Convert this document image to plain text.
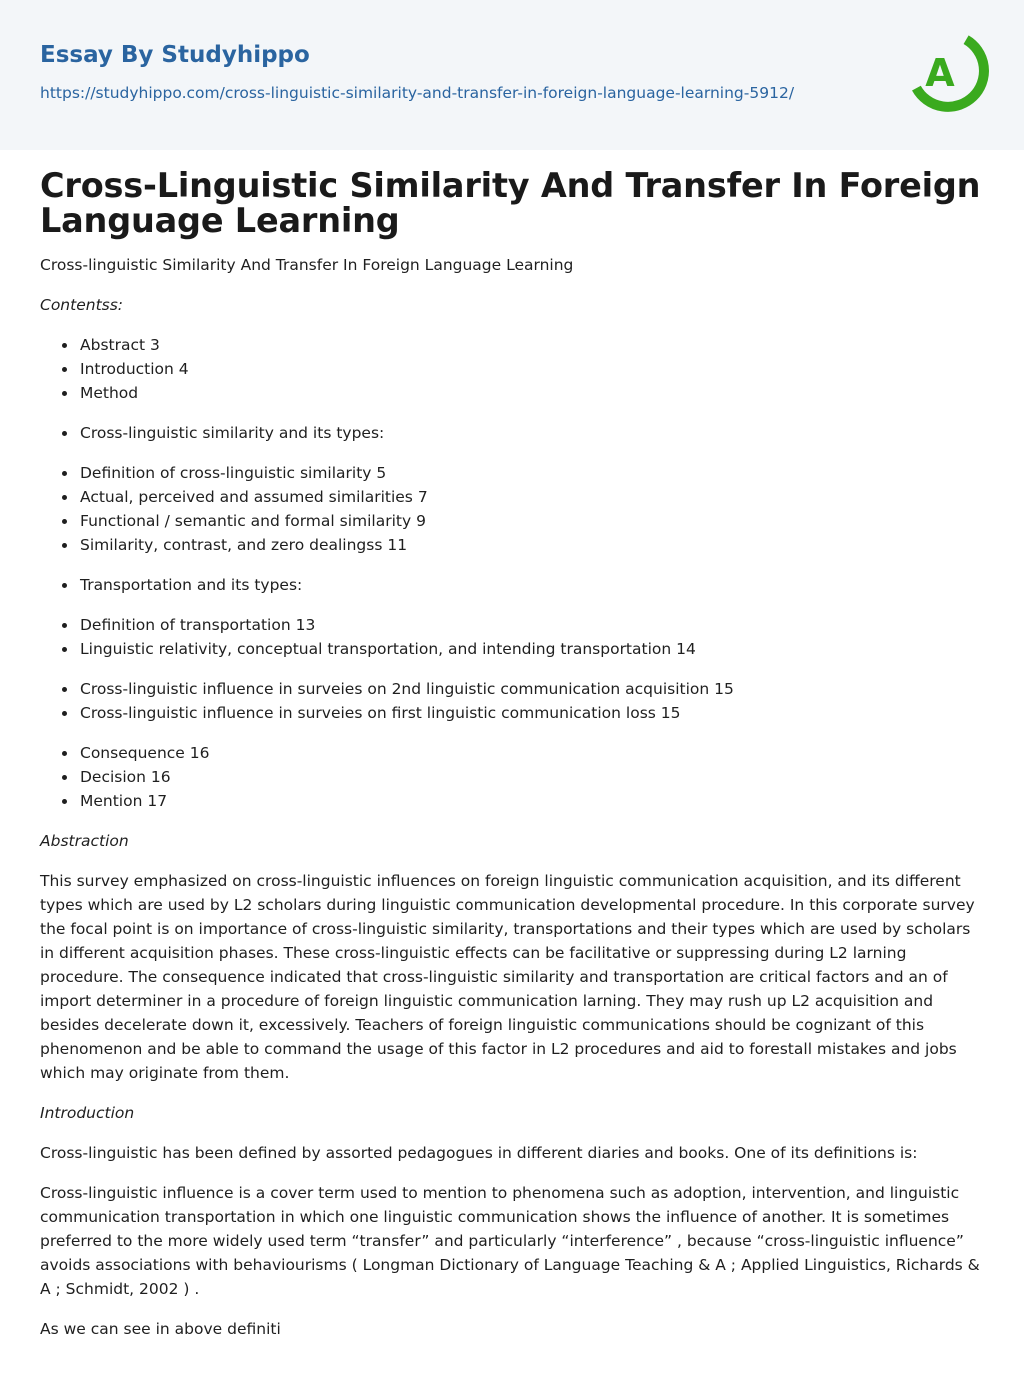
Essay By Studyhippo
https://studyhippo.com/cross-linguistic-similarity-and-transfer-in-foreign-language-learning-5912/	A
Cross-Linguistic Similarity And Transfer In Foreign Language Learning

Cross-linguistic Similarity And Transfer In Foreign Language Learning

Contentss:

Abstract 3
Introduction 4
Method
Cross-linguistic similarity and its types:
Definition of cross-linguistic similarity 5
Actual, perceived and assumed similarities 7
Functional / semantic and formal similarity 9
Similarity, contrast, and zero dealingss 11
Transportation and its types:
Definition of transportation 13
Linguistic relativity, conceptual transportation, and intending transportation 14
Cross-linguistic influence in surveies on 2nd linguistic communication acquisition 15
Cross-linguistic influence in surveies on first linguistic communication loss 15
Consequence 16
Decision 16
Mention 17

Abstraction

This survey emphasized on cross-linguistic influences on foreign linguistic communication acquisition, and its different types which are used by L2 scholars during linguistic communication developmental procedure. In this corporate survey the focal point is on importance of cross-linguistic similarity, transportations and their types which are used by scholars in different acquisition phases. These cross-linguistic effects can be facilitative or suppressing during L2 larning procedure. The consequence indicated that cross-linguistic similarity and transportation are critical factors and an of import determiner in a procedure of foreign linguistic communication larning. They may rush up L2 acquisition and besides decelerate down it, excessively. Teachers of foreign linguistic communications should be cognizant of this phenomenon and be able to command the usage of this factor in L2 procedures and aid to forestall mistakes and jobs which may originate from them.

Introduction

Cross-linguistic has been defined by assorted pedagogues in different diaries and books. One of its definitions is:

Cross-linguistic influence is a cover term used to mention to phenomena such as adoption, intervention, and linguistic communication transportation in which one linguistic communication shows the influence of another. It is sometimes preferred to the more widely used term “transfer” and particularly “interference” , because “cross-linguistic influence” avoids associations with behaviourisms ( Longman Dictionary of Language Teaching & A ; Applied Linguistics, Richards & A ; Schmidt, 2002 ) .

As we can see in above definiti
